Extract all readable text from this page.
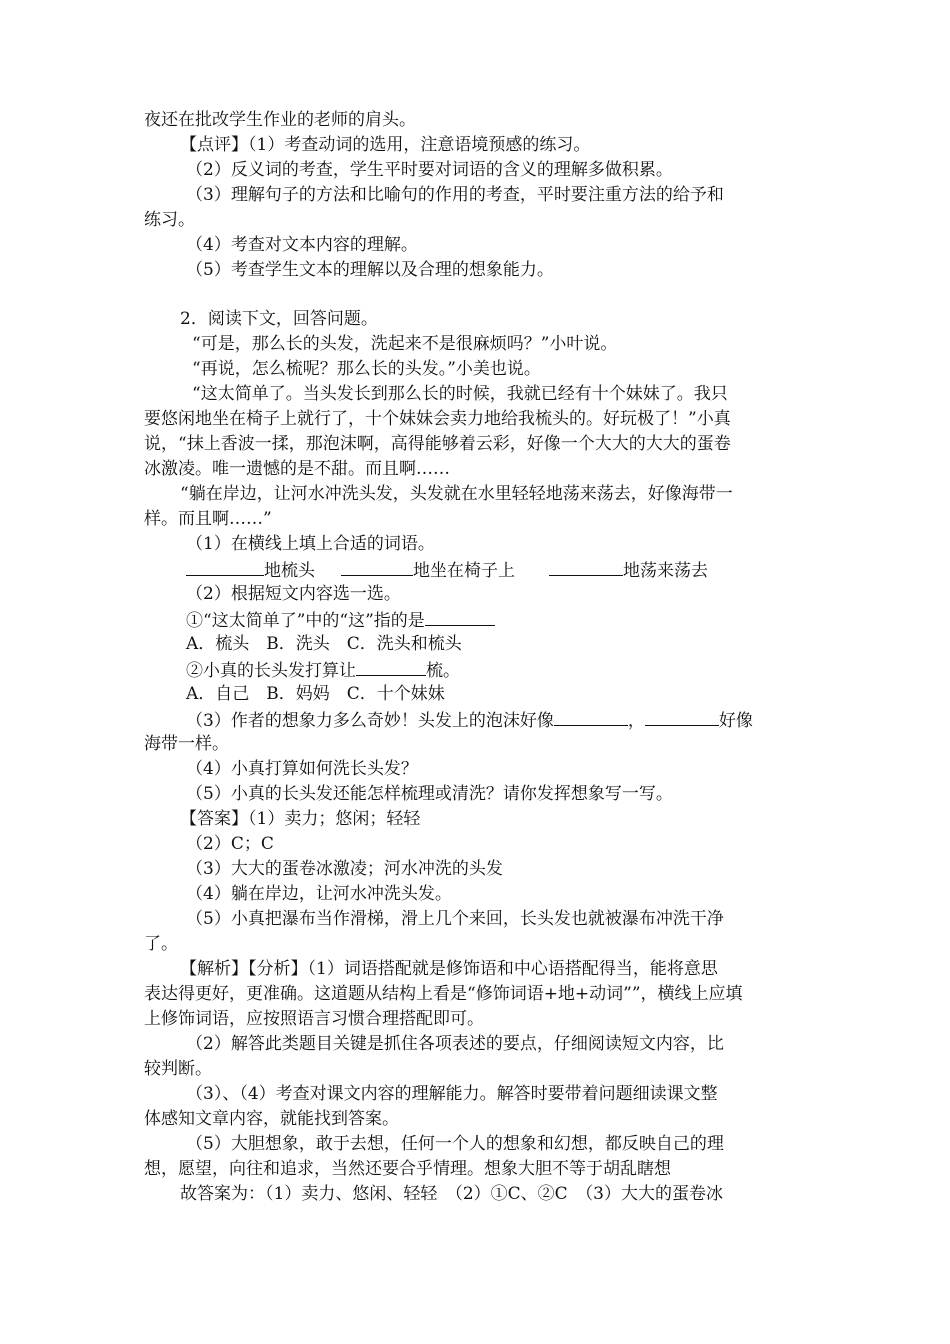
夜还在批改学生作业的老师的肩头。
【点评】（1）考查动词的选用，注意语境预感的练习。
（2）反义词的考查，学生平时要对词语的含义的理解多做积累。
（3）理解句子的方法和比喻句的作用的考查，平时要注重方法的给予和
练习。
（4）考查对文本内容的理解。
（5）考查学生文本的理解以及合理的想象能力。
2．阅读下文，回答问题。
“可是，那么长的头发，洗起来不是很麻烦吗？”小叶说。
“再说，怎么梳呢？那么长的头发。”小美也说。
“这太简单了。当头发长到那么长的时候，我就已经有十个妹妹了。我只
要悠闲地坐在椅子上就行了，十个妹妹会卖力地给我梳头的。好玩极了！”小真
说，“抹上香波一揉，那泡沫啊，高得能够着云彩，好像一个大大的大大的蛋卷
冰激凌。唯一遗憾的是不甜。而且啊……
“躺在岸边，让河水冲洗头发，头发就在水里轻轻地荡来荡去，好像海带一
样。而且啊……”
（1）在横线上填上合适的词语。
地梳头	地坐在椅子上	地荡来荡去
（2）根据短文内容选一选。
①“这太简单了”中的“这”指的是
A．梳头　B．洗头　C．洗头和梳头
②小真的长头发打算让	梳。
A．自己　B．妈妈　C．十个妹妹
（3）作者的想象力多么奇妙！头发上的泡沫好像	，	好像
海带一样。
（4）小真打算如何洗长头发？
（5）小真的长头发还能怎样梳理或清洗？请你发挥想象写一写。
【答案】（1）卖力；悠闲；轻轻
（2）C；C
（3）大大的蛋卷冰激凌；河水冲洗的头发
（4）躺在岸边，让河水冲洗头发。
（5）小真把瀑布当作滑梯，滑上几个来回，长头发也就被瀑布冲洗干净
了。
【解析】【分析】（1）词语搭配就是修饰语和中心语搭配得当，能将意思
表达得更好，更准确。这道题从结构上看是“修饰词语+地+动词””，横线上应填
上修饰词语，应按照语言习惯合理搭配即可。
（2）解答此类题目关键是抓住各项表述的要点，仔细阅读短文内容，比
较判断。
（3）、（4）考查对课文内容的理解能力。解答时要带着问题细读课文整
体感知文章内容，就能找到答案。
（5）大胆想象，敢于去想，任何一个人的想象和幻想，都反映自己的理
想，愿望，向往和追求，当然还要合乎情理。想象大胆不等于胡乱瞎想
故答案为：（1）卖力、悠闲、轻轻　（2）①C、②C　（3）大大的蛋卷冰
